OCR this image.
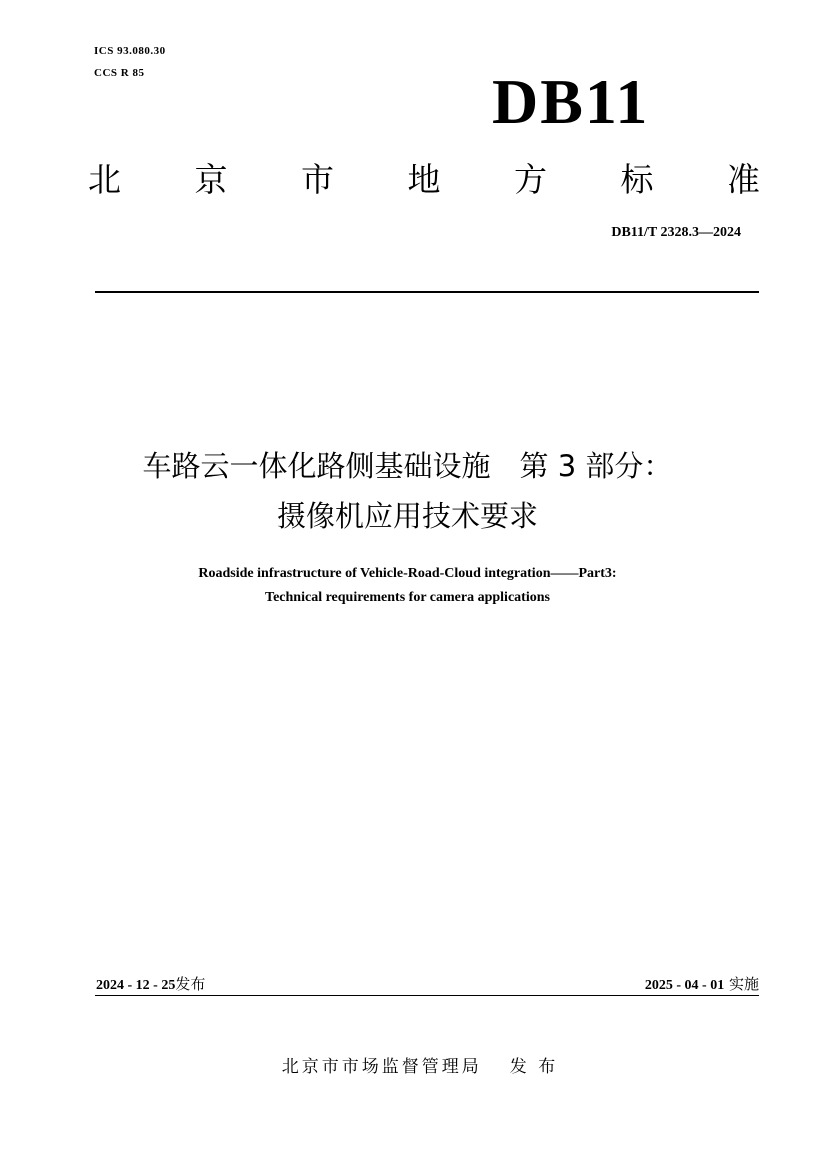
ICS 93.080.30
CCS R 85	DB11
北 京 市 地 方 标 准
DB11/T 2328.3—2024
车路云一体化路侧基础设施　第 3 部分：
摄像机应用技术要求
Roadside infrastructure of Vehicle-Road-Cloud integration——Part3:
Technical requirements for camera applications
2024 - 12 - 25发布	2025 - 04 - 01 实施
北京市市场监督管理局 发 布
